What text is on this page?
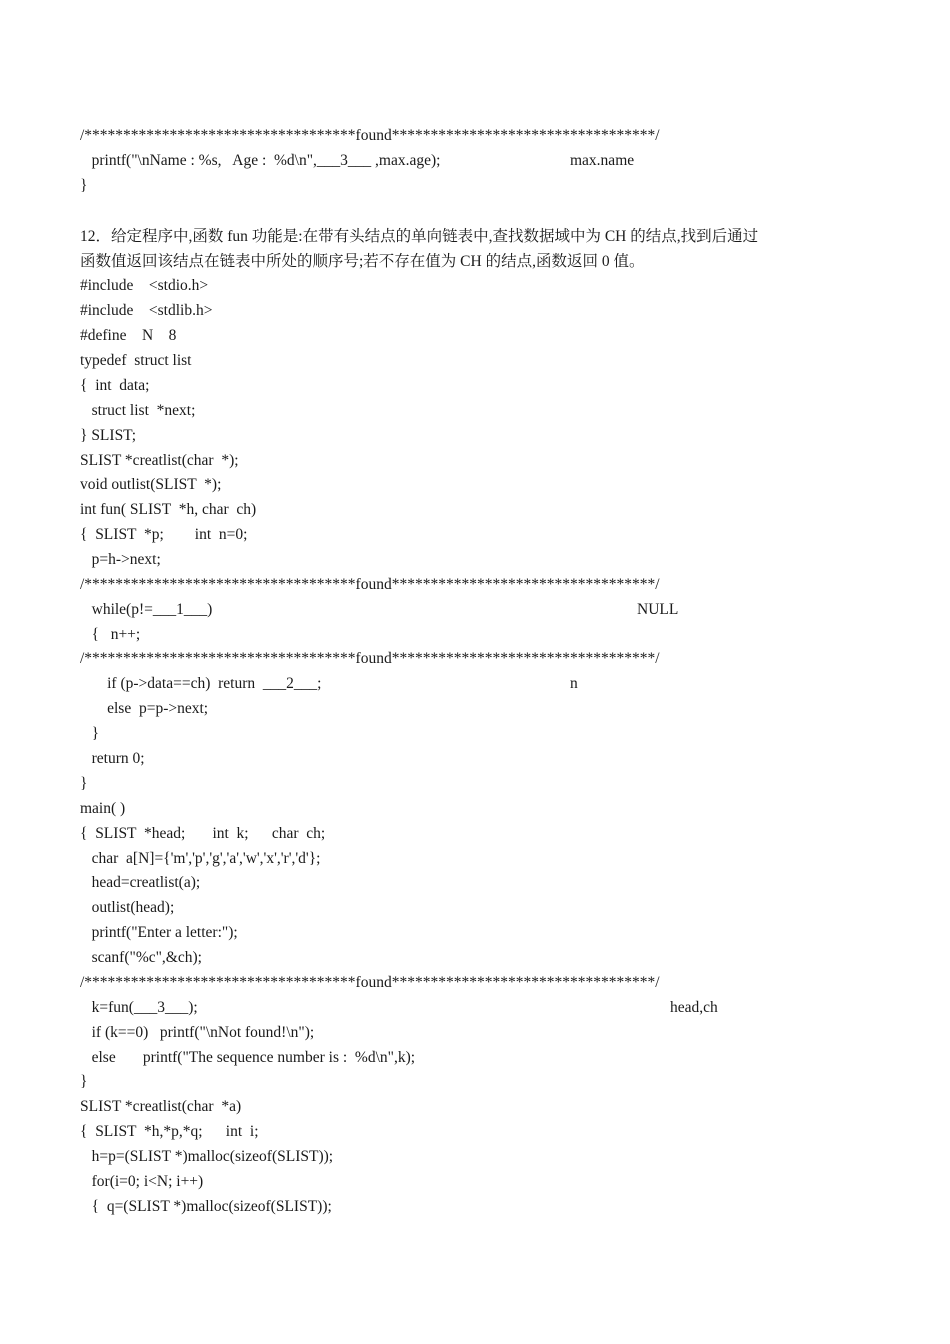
/***********************************found**********************************/
printf("\nName : %s,   Age :  %d\n",___3___ ,max.age);
}
12．给定程序中,函数 fun 功能是:在带有头结点的单向链表中,查找数据域中为 CH 的结点,找到后通过
函数值返回该结点在链表中所处的顺序号;若不存在值为 CH 的结点,函数返回 0 值。
#include    <stdio.h>
#include    <stdlib.h>
#define    N    8
typedef  struct list
{  int  data;
struct list  *next;
} SLIST;
SLIST *creatlist(char  *);
void outlist(SLIST  *);
int fun( SLIST  *h, char  ch)
{  SLIST  *p;        int  n=0;
p=h->next;
/***********************************found**********************************/
while(p!=___1___)
{   n++;
/***********************************found**********************************/
if (p->data==ch)  return  ___2___;
else  p=p->next;
}
return 0;
}
main( )
{  SLIST  *head;       int  k;      char  ch;
char  a[N]={'m','p','g','a','w','x','r','d'};
head=creatlist(a);
outlist(head);
printf("Enter a letter:");
scanf("%c",&ch);
/***********************************found**********************************/
k=fun(___3___);
if (k==0)   printf("\nNot found!\n");
else       printf("The sequence number is :  %d\n",k);
}
SLIST *creatlist(char  *a)
{  SLIST  *h,*p,*q;      int  i;
h=p=(SLIST *)malloc(sizeof(SLIST));
for(i=0; i<N; i++)
{  q=(SLIST *)malloc(sizeof(SLIST));
max.name
NULL
n
head,ch
